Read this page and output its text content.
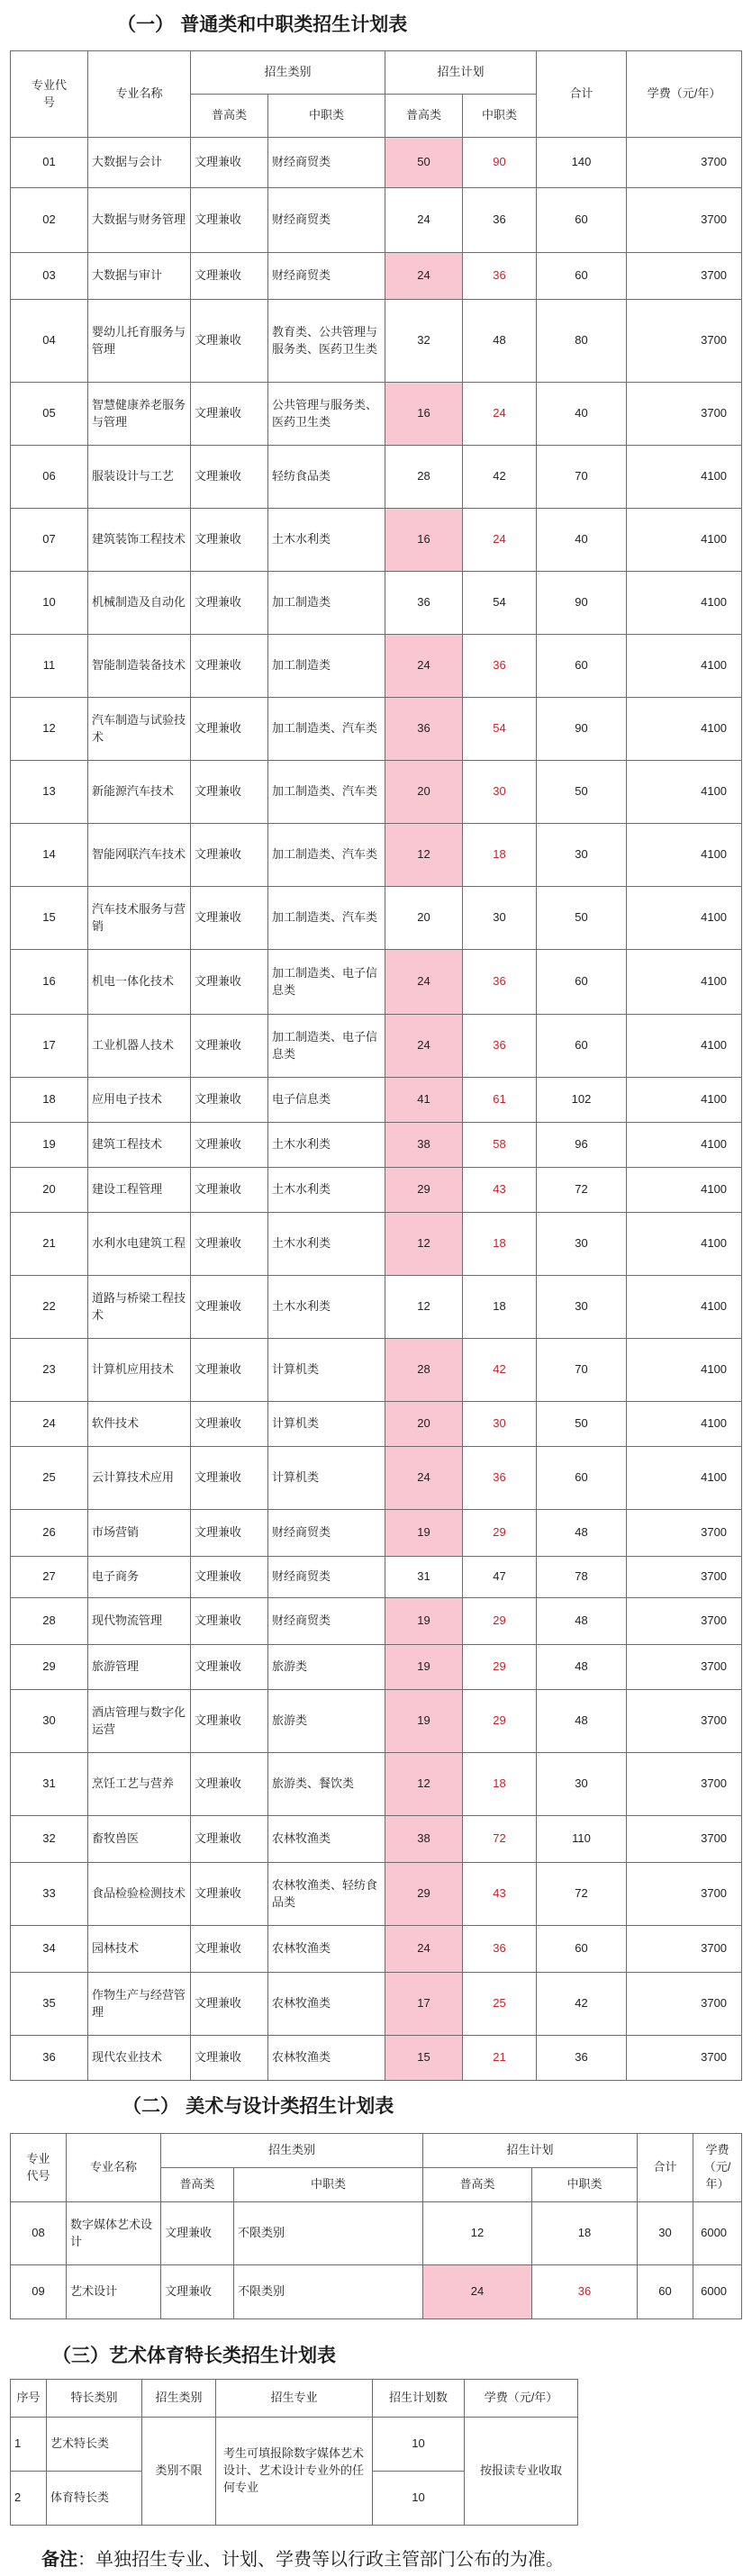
（一） 普通类和中职类招生计划表
专业代号	专业名称	招生类别		招生计划		合计	学费（元/年）
		普高类	中职类	普高类	中职类		
01	大数据与会计	文理兼收	财经商贸类	50	90	140	3700
02	大数据与财务管理	文理兼收	财经商贸类	24	36	60	3700
03	大数据与审计	文理兼收	财经商贸类	24	36	60	3700
04	婴幼儿托育服务与管理	文理兼收	教育类、公共管理与服务类、医药卫生类	32	48	80	3700
05	智慧健康养老服务与管理	文理兼收	公共管理与服务类、医药卫生类	16	24	40	3700
06	服装设计与工艺	文理兼收	轻纺食品类	28	42	70	4100
07	建筑装饰工程技术	文理兼收	土木水利类	16	24	40	4100
10	机械制造及自动化	文理兼收	加工制造类	36	54	90	4100
11	智能制造装备技术	文理兼收	加工制造类	24	36	60	4100
12	汽车制造与试验技术	文理兼收	加工制造类、汽车类	36	54	90	4100
13	新能源汽车技术	文理兼收	加工制造类、汽车类	20	30	50	4100
14	智能网联汽车技术	文理兼收	加工制造类、汽车类	12	18	30	4100
15	汽车技术服务与营销	文理兼收	加工制造类、汽车类	20	30	50	4100
16	机电一体化技术	文理兼收	加工制造类、电子信息类	24	36	60	4100
17	工业机器人技术	文理兼收	加工制造类、电子信息类	24	36	60	4100
18	应用电子技术	文理兼收	电子信息类	41	61	102	4100
19	建筑工程技术	文理兼收	土木水利类	38	58	96	4100
20	建设工程管理	文理兼收	土木水利类	29	43	72	4100
21	水利水电建筑工程	文理兼收	土木水利类	12	18	30	4100
22	道路与桥梁工程技术	文理兼收	土木水利类	12	18	30	4100
23	计算机应用技术	文理兼收	计算机类	28	42	70	4100
24	软件技术	文理兼收	计算机类	20	30	50	4100
25	云计算技术应用	文理兼收	计算机类	24	36	60	4100
26	市场营销	文理兼收	财经商贸类	19	29	48	3700
27	电子商务	文理兼收	财经商贸类	31	47	78	3700
28	现代物流管理	文理兼收	财经商贸类	19	29	48	3700
29	旅游管理	文理兼收	旅游类	19	29	48	3700
30	酒店管理与数字化运营	文理兼收	旅游类	19	29	48	3700
31	烹饪工艺与营养	文理兼收	旅游类、餐饮类	12	18	30	3700
32	畜牧兽医	文理兼收	农林牧渔类	38	72	110	3700
33	食品检验检测技术	文理兼收	农林牧渔类、轻纺食品类	29	43	72	3700
34	园林技术	文理兼收	农林牧渔类	24	36	60	3700
35	作物生产与经营管理	文理兼收	农林牧渔类	17	25	42	3700
36	现代农业技术	文理兼收	农林牧渔类	15	21	36	3700
（二） 美术与设计类招生计划表
专业代号	专业名称	招生类别		招生计划		合计	学费（元/年）
		普高类	中职类	普高类	中职类		
08	数字媒体艺术设计	文理兼收	不限类别	12	18	30	6000
09	艺术设计	文理兼收	不限类别	24	36	60	6000
（三）艺术体育特长类招生计划表
序号	特长类别	招生类别	招生专业	招生计划数	学费（元/年）
1	艺术特长类	类别不限	考生可填报除数字媒体艺术设计、艺术设计专业外的任何专业	10	按报读专业收取
2	体育特长类			10	
备注：单独招生专业、计划、学费等以行政主管部门公布的为准。
